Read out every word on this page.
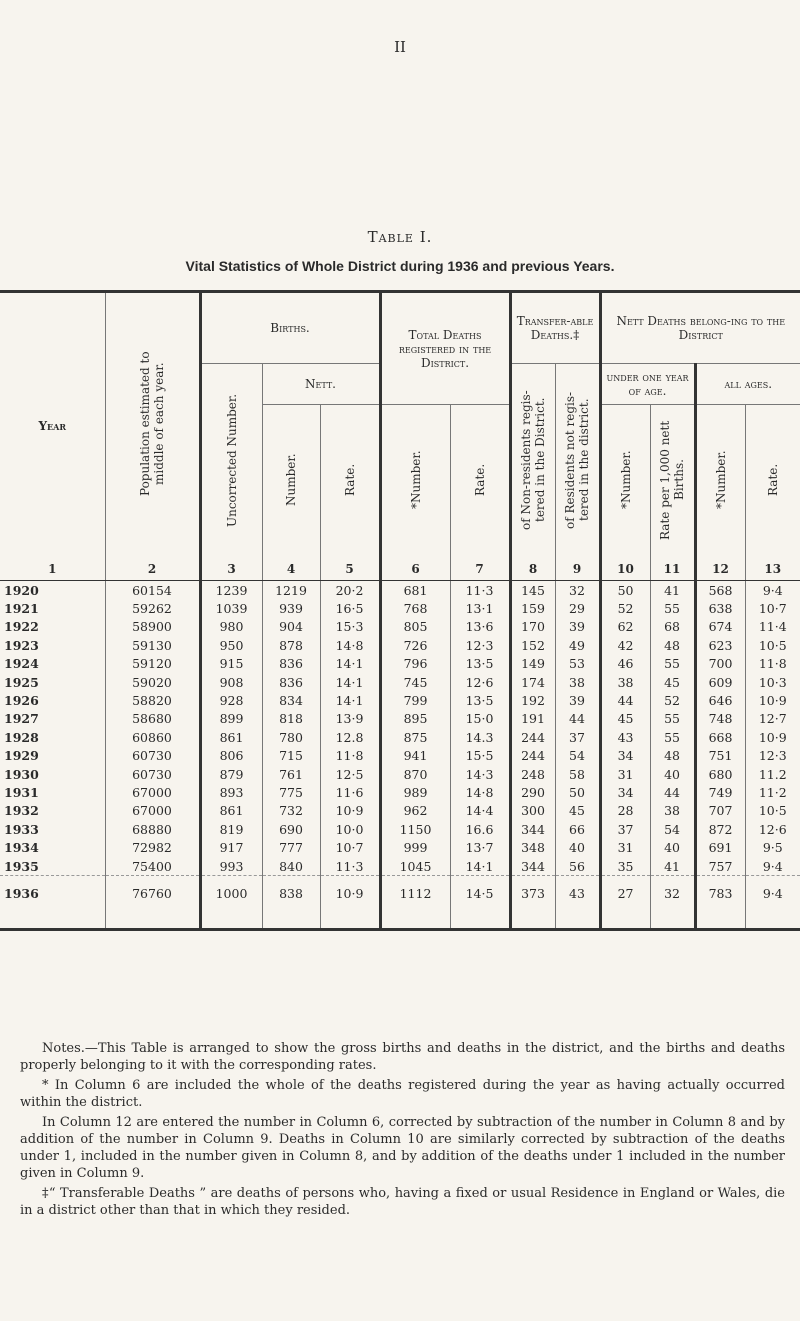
II
Table I.
Vital Statistics of Whole District during 1936 and previous Years.
Year	Population estimated to middle of each year.	Births.			Total Deaths registered in the District.		Transfer-able Deaths.‡		Nett Deaths belong-ing to the District			
		Uncorrected Number.	Nett.				of Non-residents regis-tered in the District.	of Residents not regis-tered in the district.	under one year of age.		all ages.	
			Number.	Rate.	*Number.	Rate.			*Number.	Rate per 1,000 nett Births.	*Number.	Rate.
1	2	3	4	5	6	7	8	9	10	11	12	13
1920	60154	1239	1219	20·2	681	11·3	145	32	50	41	568	9·4
1921	59262	1039	939	16·5	768	13·1	159	29	52	55	638	10·7
1922	58900	980	904	15·3	805	13·6	170	39	62	68	674	11·4
1923	59130	950	878	14·8	726	12·3	152	49	42	48	623	10·5
1924	59120	915	836	14·1	796	13·5	149	53	46	55	700	11·8
1925	59020	908	836	14·1	745	12·6	174	38	38	45	609	10·3
1926	58820	928	834	14·1	799	13·5	192	39	44	52	646	10·9
1927	58680	899	818	13·9	895	15·0	191	44	45	55	748	12·7
1928	60860	861	780	12.8	875	14.3	244	37	43	55	668	10·9
1929	60730	806	715	11·8	941	15·5	244	54	34	48	751	12·3
1930	60730	879	761	12·5	870	14·3	248	58	31	40	680	11.2
1931	67000	893	775	11·6	989	14·8	290	50	34	44	749	11·2
1932	67000	861	732	10·9	962	14·4	300	45	28	38	707	10·5
1933	68880	819	690	10·0	1150	16.6	344	66	37	54	872	12·6
1934	72982	917	777	10·7	999	13·7	348	40	31	40	691	9·5
1935	75400	993	840	11·3	1045	14·1	344	56	35	41	757	9·4
1936	76760	1000	838	10·9	1112	14·5	373	43	27	32	783	9·4

Notes.—This Table is arranged to show the gross births and deaths in the district, and the births and deaths properly belonging to it with the corresponding rates.

* In Column 6 are included the whole of the deaths registered during the year as having actually occurred within the district.

In Column 12 are entered the number in Column 6, corrected by subtraction of the number in Column 8 and by addition of the number in Column 9. Deaths in Column 10 are similarly corrected by subtraction of the deaths under 1, included in the number given in Column 8, and by addition of the deaths under 1 included in the number given in Column 9.

‡“ Transferable Deaths ” are deaths of persons who, having a fixed or usual Residence in England or Wales, die in a district other than that in which they resided.
